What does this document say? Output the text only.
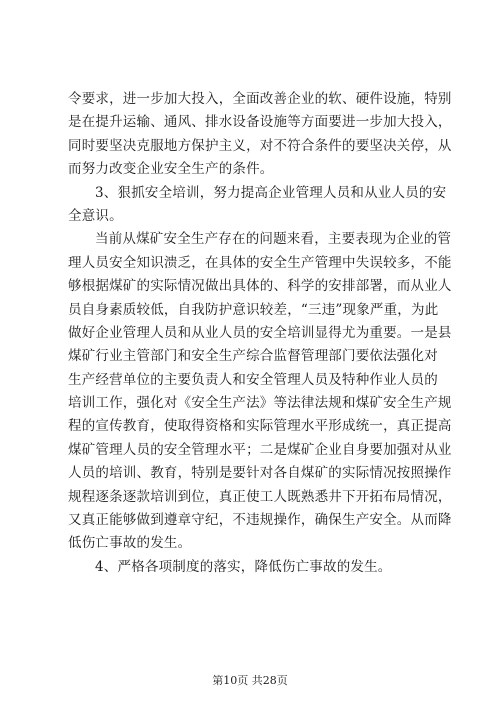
令要求，进一步加大投入，全面改善企业的软、硬件设施，特别
是在提升运输、通风、排水设备设施等方面要进一步加大投入，
同时要坚决克服地方保护主义，对不符合条件的要坚决关停，从
而努力改变企业安全生产的条件。
3、狠抓安全培训，努力提高企业管理人员和从业人员的安
全意识。
当前从煤矿安全生产存在的问题来看，主要表现为企业的管
理人员安全知识溃乏，在具体的安全生产管理中失误较多，不能
够根据煤矿的实际情况做出具体的、科学的安排部署，而从业人
员自身素质较低，自我防护意识较差，“三违”现象严重，为此
做好企业管理人员和从业人员的安全培训显得尤为重要。一是县
煤矿行业主管部门和安全生产综合监督管理部门要依法强化对
生产经营单位的主要负责人和安全管理人员及特种作业人员的
培训工作，强化对《安全生产法》等法律法规和煤矿安全生产规
程的宣传教育，使取得资格和实际管理水平形成统一，真正提高
煤矿管理人员的安全管理水平；二是煤矿企业自身要加强对从业
人员的培训、教育，特别是要针对各自煤矿的实际情况按照操作
规程逐条逐款培训到位，真正使工人既熟悉井下开拓布局情况，
又真正能够做到遵章守纪，不违规操作，确保生产安全。从而降
低伤亡事故的发生。
4、严格各项制度的落实，降低伤亡事故的发生。
第10页 共28页
